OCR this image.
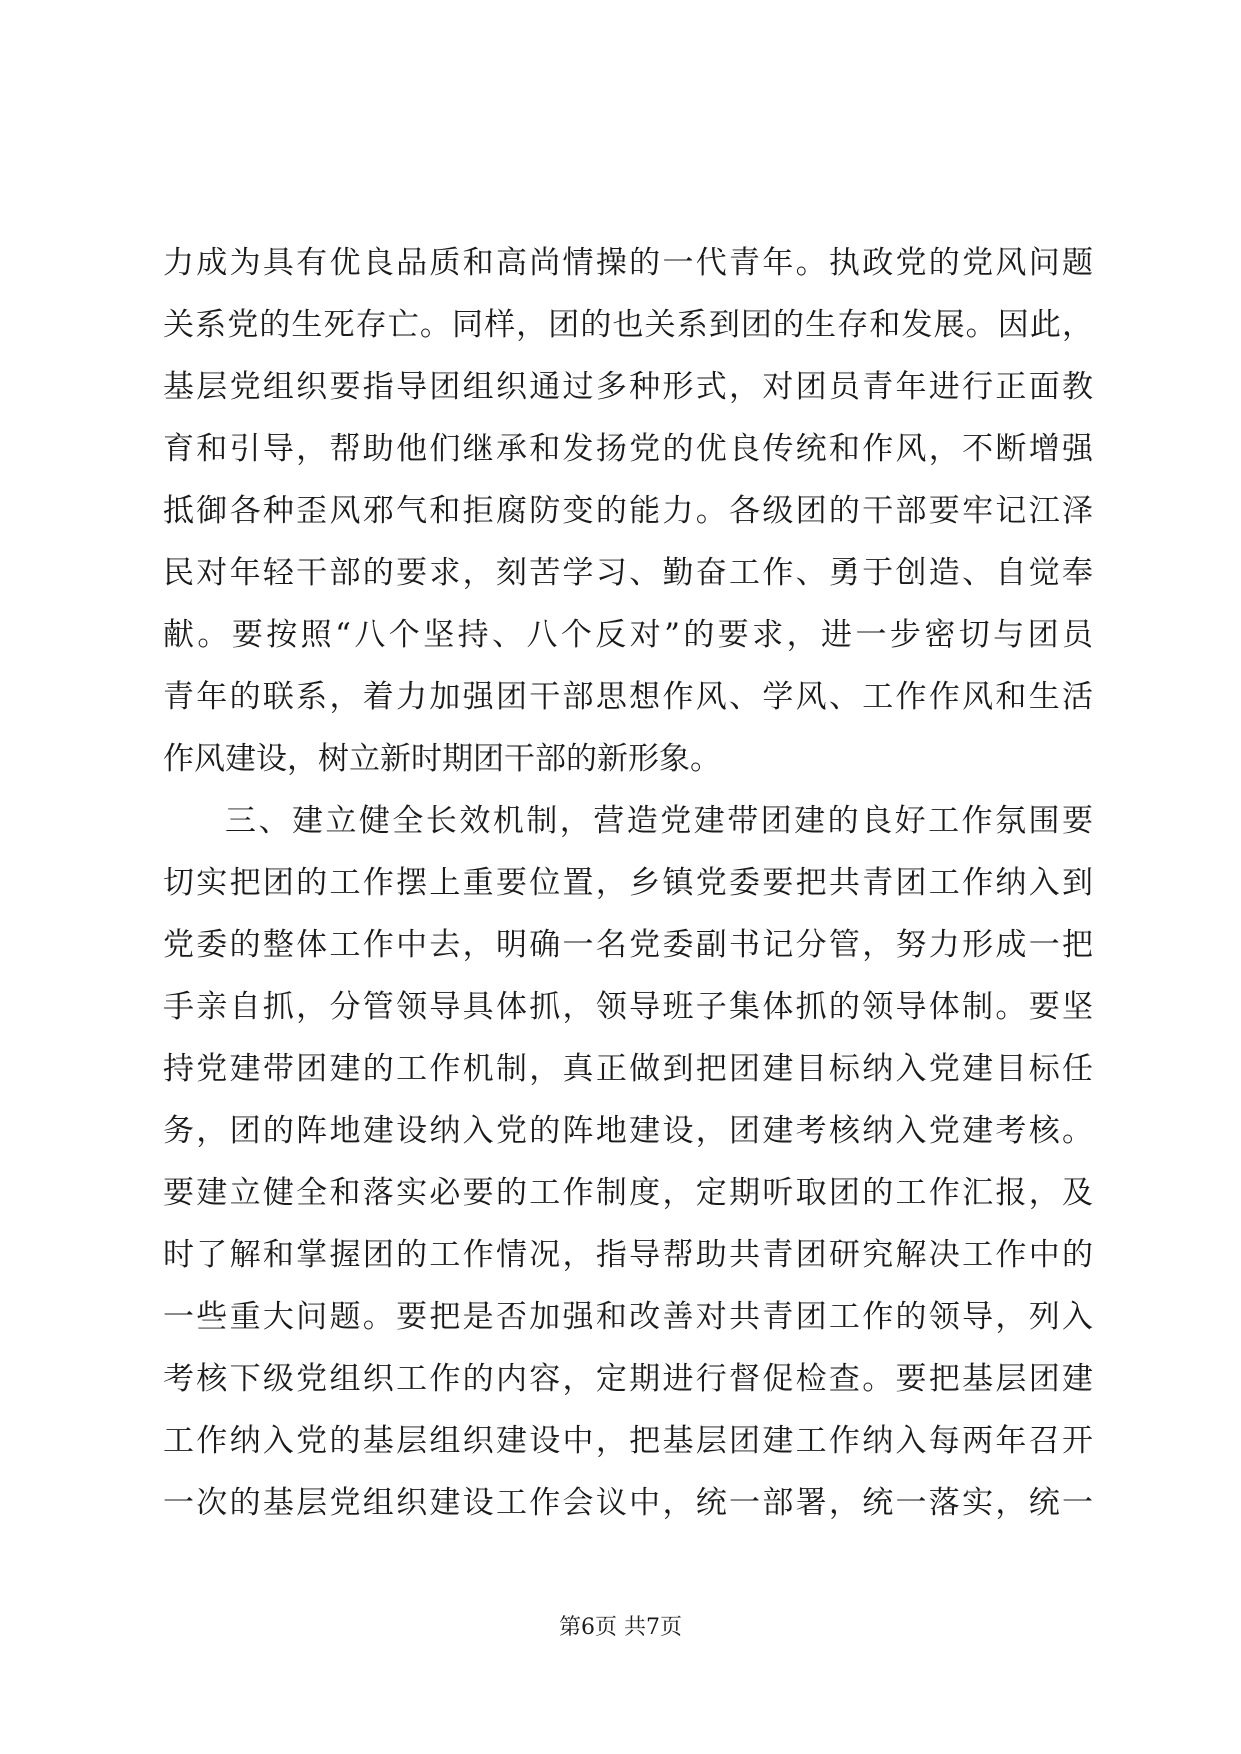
力成为具有优良品质和高尚情操的一代青年。执政党的党风问题
关系党的生死存亡。同样，团的也关系到团的生存和发展。因此，
基层党组织要指导团组织通过多种形式，对团员青年进行正面教
育和引导，帮助他们继承和发扬党的优良传统和作风，不断增强
抵御各种歪风邪气和拒腐防变的能力。各级团的干部要牢记江泽
民对年轻干部的要求，刻苦学习、勤奋工作、勇于创造、自觉奉
献。要按照“八个坚持、八个反对”的要求，进一步密切与团员
青年的联系，着力加强团干部思想作风、学风、工作作风和生活
作风建设，树立新时期团干部的新形象。
三、建立健全长效机制，营造党建带团建的良好工作氛围要
切实把团的工作摆上重要位置，乡镇党委要把共青团工作纳入到
党委的整体工作中去，明确一名党委副书记分管，努力形成一把
手亲自抓，分管领导具体抓，领导班子集体抓的领导体制。要坚
持党建带团建的工作机制，真正做到把团建目标纳入党建目标任
务，团的阵地建设纳入党的阵地建设，团建考核纳入党建考核。
要建立健全和落实必要的工作制度，定期听取团的工作汇报，及
时了解和掌握团的工作情况，指导帮助共青团研究解决工作中的
一些重大问题。要把是否加强和改善对共青团工作的领导，列入
考核下级党组织工作的内容，定期进行督促检查。要把基层团建
工作纳入党的基层组织建设中，把基层团建工作纳入每两年召开
一次的基层党组织建设工作会议中，统一部署，统一落实，统一
第6页 共7页
